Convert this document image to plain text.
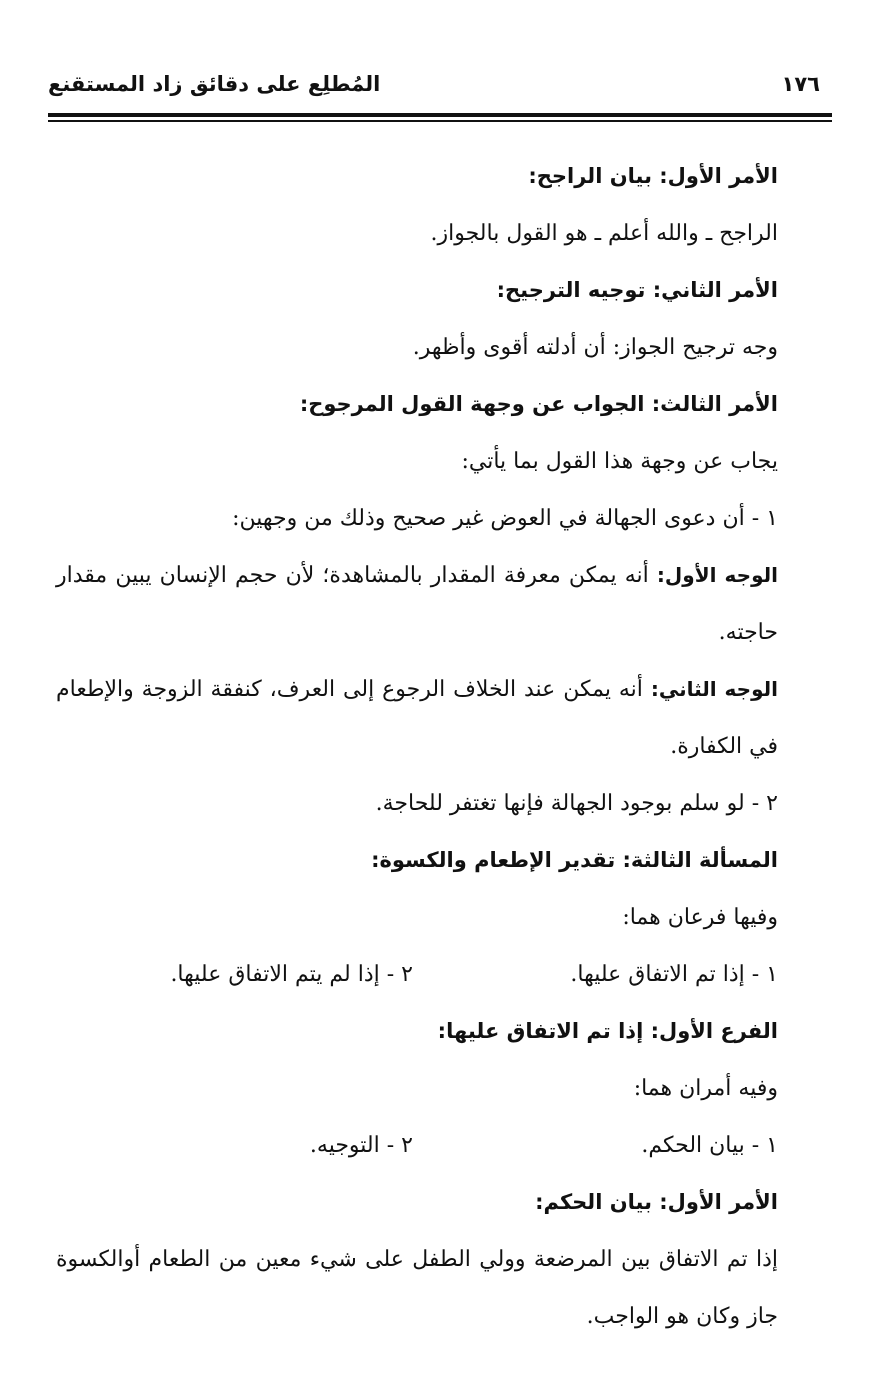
المُطلِع على دقائق زاد المستقنع	١٧٦
الأمر الأول: بيان الراجح:
الراجح ـ والله أعلم ـ هو القول بالجواز.
الأمر الثاني: توجيه الترجيح:
وجه ترجيح الجواز: أن أدلته أقوى وأظهر.
الأمر الثالث: الجواب عن وجهة القول المرجوح:
يجاب عن وجهة هذا القول بما يأتي:
١ - أن دعوى الجهالة في العوض غير صحيح وذلك من وجهين:
الوجه الأول: أنه يمكن معرفة المقدار بالمشاهدة؛ لأن حجم الإنسان يبين مقدار حاجته.
الوجه الثاني: أنه يمكن عند الخلاف الرجوع إلى العرف، كنفقة الزوجة والإطعام في الكفارة.
٢ - لو سلم بوجود الجهالة فإنها تغتفر للحاجة.
المسألة الثالثة: تقدير الإطعام والكسوة:
وفيها فرعان هما:
١ - إذا تم الاتفاق عليها.
٢ - إذا لم يتم الاتفاق عليها.
الفرع الأول: إذا تم الاتفاق عليها:
وفيه أمران هما:
١ - بيان الحكم.
٢ - التوجيه.
الأمر الأول: بيان الحكم:
إذا تم الاتفاق بين المرضعة وولي الطفل على شيء معين من الطعام أوالكسوة جاز وكان هو الواجب.
